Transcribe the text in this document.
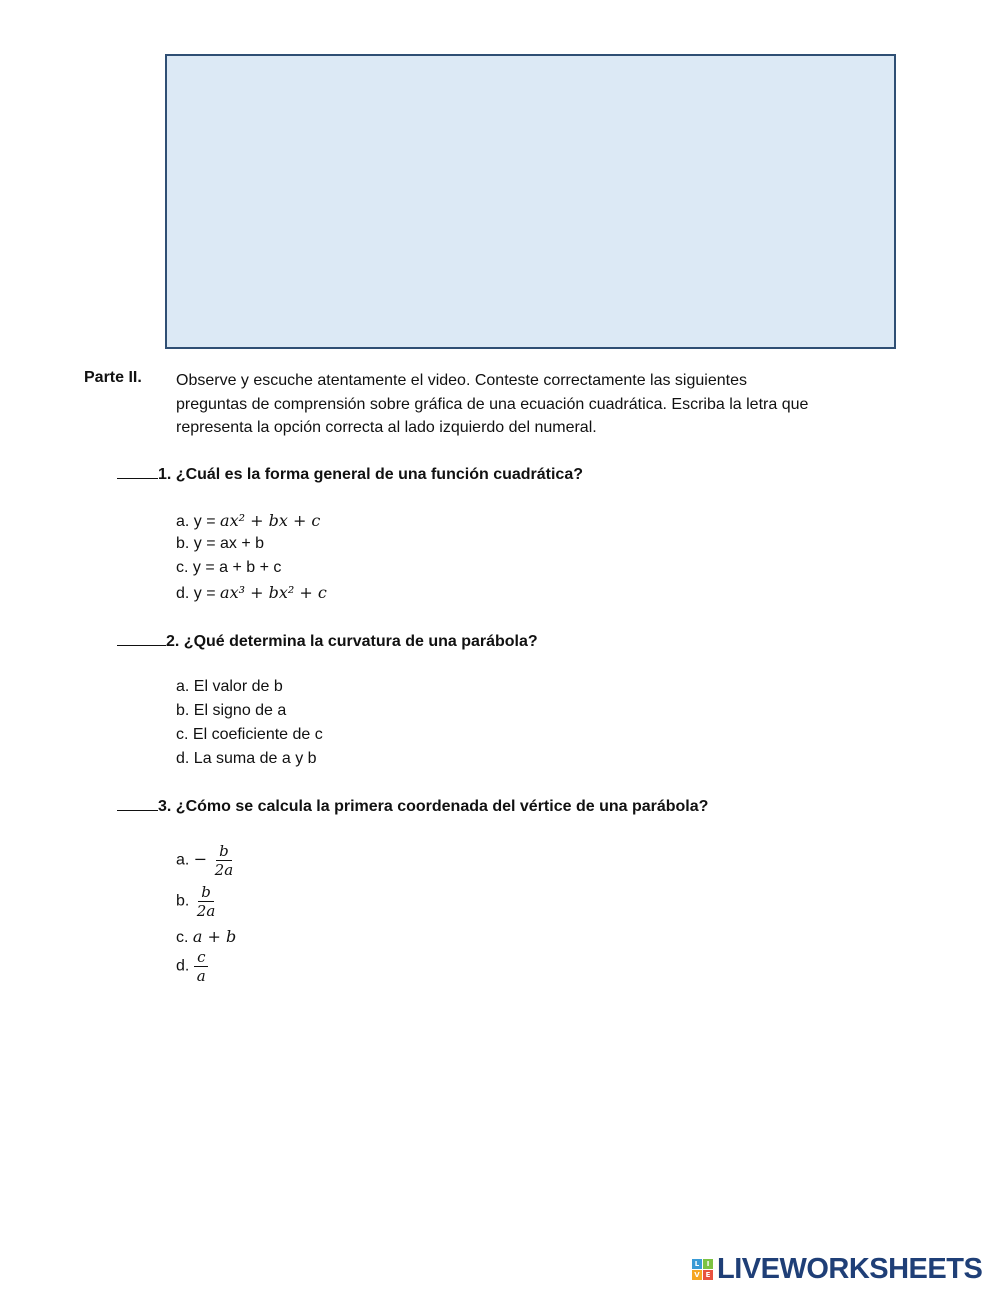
Parte II. Observe y escuche atentamente el video. Conteste correctamente las siguientes
preguntas de comprensión sobre gráfica de una ecuación cuadrática. Escriba la letra que
representa la opción correcta al lado izquierdo del numeral.
1. ¿Cuál es la forma general de una función cuadrática?
a. y = ax² + bx + c
b. y = ax + b
c. y = a + b + c
d. y = ax³ + bx² + c
2. ¿Qué determina la curvatura de una parábola?
a. El valor de b
b. El signo de a
c. El coeficiente de c
d. La suma de a y b
3. ¿Cómo se calcula la primera coordenada del vértice de una parábola?
a. − $\frac{b}{2a}$
b. $\frac{b}{2a}$
c. a + b
d. $\frac{c}{a}$
L	I
V E LIVEWORKSHEETS
